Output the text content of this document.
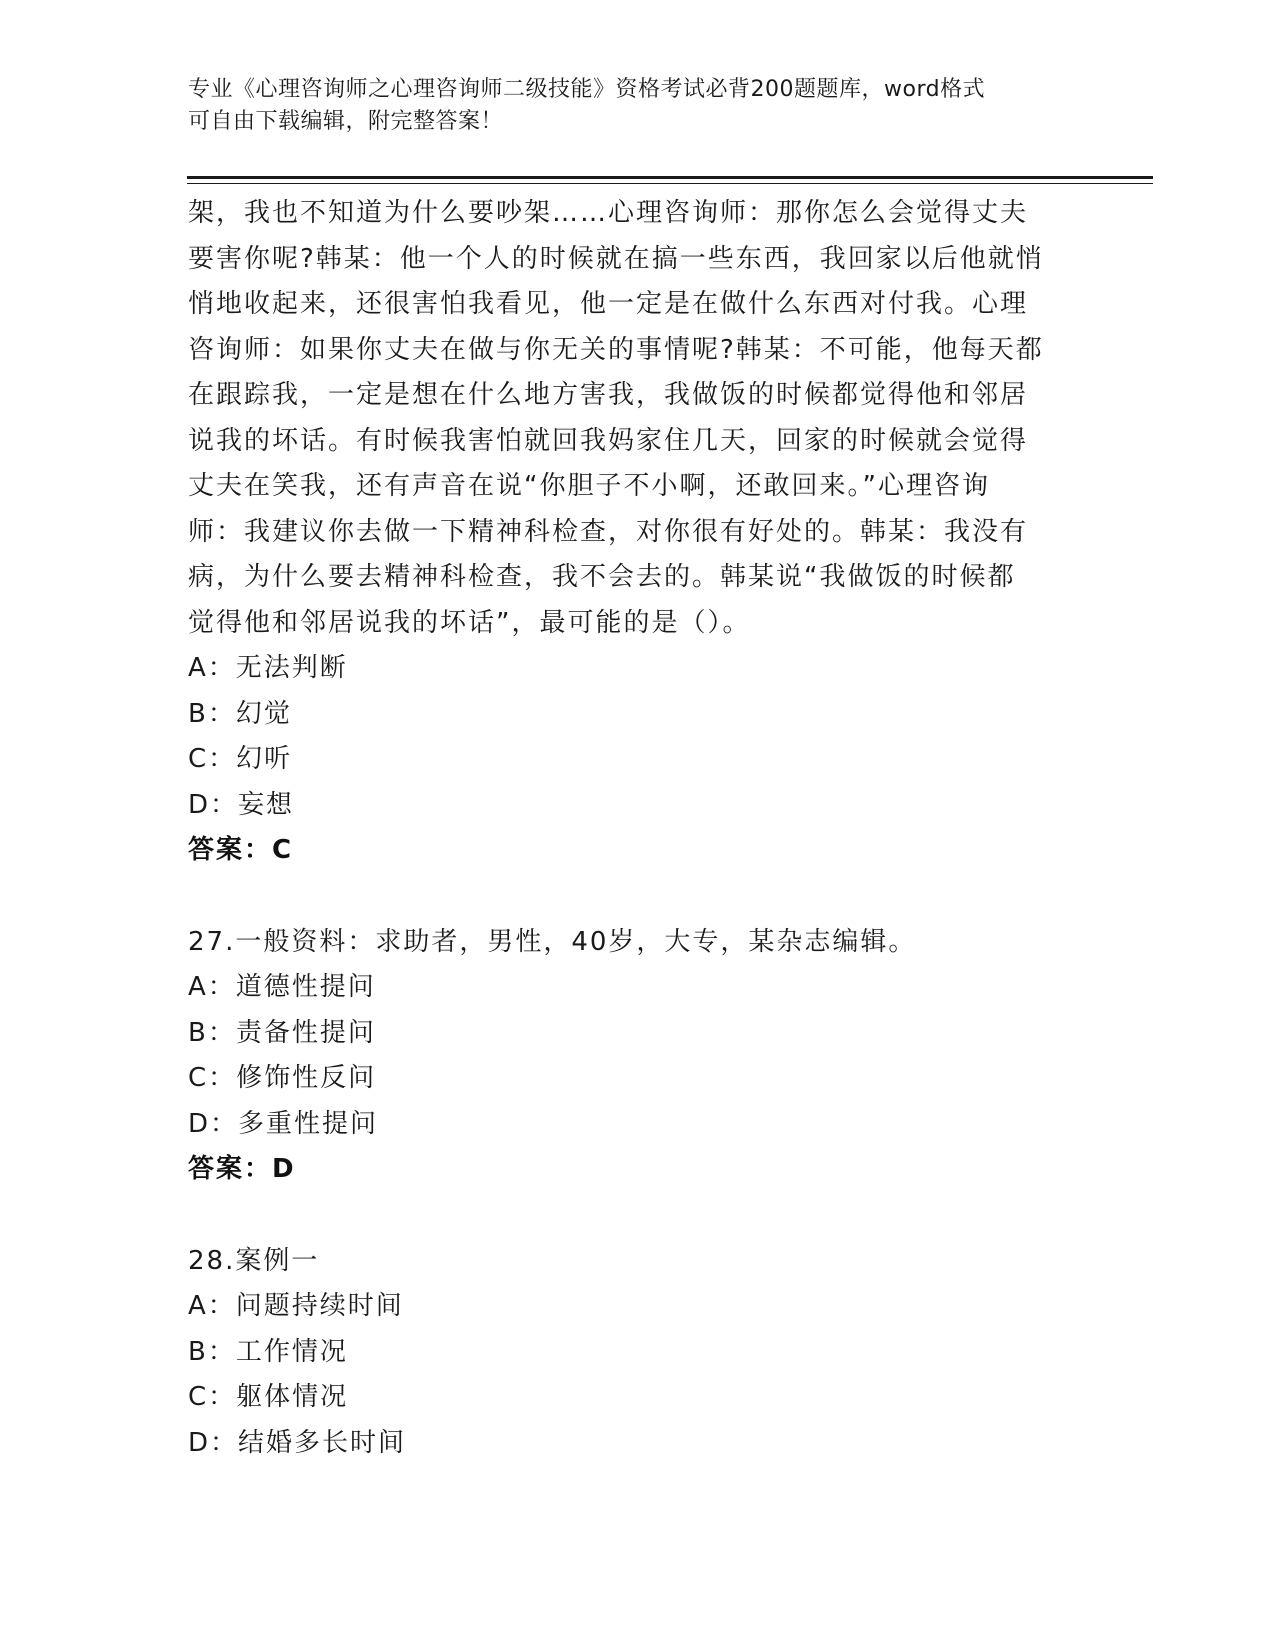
专业《心理咨询师之心理咨询师二级技能》资格考试必背200题题库，word格式
可自由下载编辑，附完整答案！
架，我也不知道为什么要吵架……心理咨询师：那你怎么会觉得丈夫
要害你呢?韩某：他一个人的时候就在搞一些东西，我回家以后他就悄
悄地收起来，还很害怕我看见，他一定是在做什么东西对付我。心理
咨询师：如果你丈夫在做与你无关的事情呢?韩某：不可能，他每天都
在跟踪我，一定是想在什么地方害我，我做饭的时候都觉得他和邻居
说我的坏话。有时候我害怕就回我妈家住几天，回家的时候就会觉得
丈夫在笑我，还有声音在说“你胆子不小啊，还敢回来。”心理咨询
师：我建议你去做一下精神科检查，对你很有好处的。韩某：我没有
病，为什么要去精神科检查，我不会去的。韩某说“我做饭的时候都
觉得他和邻居说我的坏话”，最可能的是（）。
A：无法判断
B：幻觉
C：幻听
D：妄想
答案：C
27.一般资料：求助者，男性，40岁，大专，某杂志编辑。
A：道德性提问
B：责备性提问
C：修饰性反问
D：多重性提问
答案：D
28.案例一
A：问题持续时间
B：工作情况
C：躯体情况
D：结婚多长时间
